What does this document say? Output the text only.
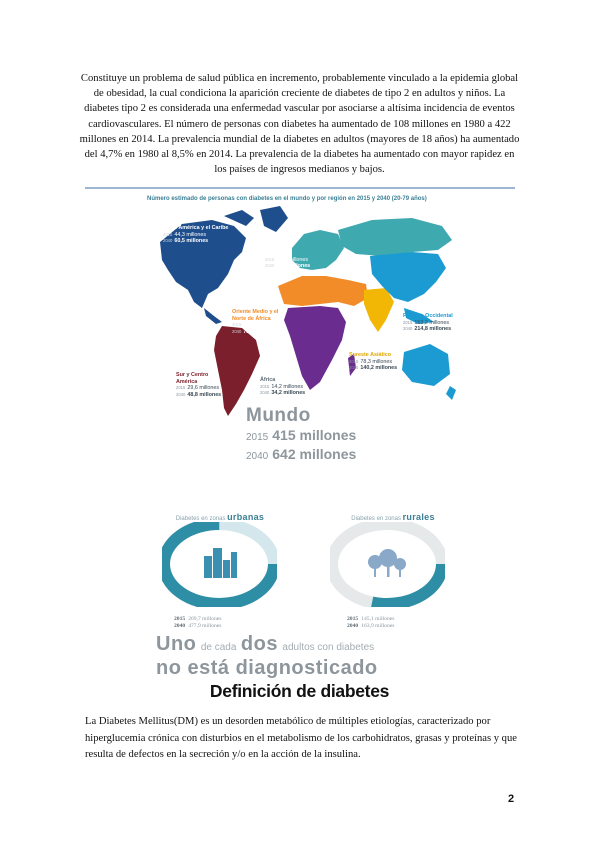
Constituye un problema de salud pública en incremento, probablemente vinculado a la epidemia global de obesidad, la cual condiciona la aparición creciente de diabetes de tipo 2 en adultos y niños. La diabetes tipo 2 es considerada una enfermedad vascular por asociarse a altísima incidencia de eventos cardiovasculares. El número de personas con diabetes ha aumentado de 108 millones en 1980 a 422 millones en 2014. La prevalencia mundial de la diabetes en adultos (mayores de 18 años) ha aumentado del 4,7% en 1980 al 8,5% en 2014. La prevalencia de la diabetes ha aumentado con mayor rapidez en los países de ingresos medianos y bajos.
Número estimado de personas con diabetes en el mundo y por región en 2015 y 2040 (20-79 años)
Norte América y el Caribe
2015 44,3 millones
2040 60,5 millones
Europa
2015 59,8 millones
2040 71,1 millones
Oriente Medio y el Norte de África
2015 35,4 millones
2040 72,1 millones
Pacífico Occidental
2015 153,2 millones
2040 214,8 millones
Sureste Asiático
2015 78,3 millones
2040 140,2 millones
África
2015 14,2 millones
2040 34,2 millones
Sur y Centro América
2015 29,6 millones
2040 48,8 millones
Mundo
2015 415 millones
2040 642 millones
Diabetes en zonas urbanas
2015 269,7 millones
2040 477,9 millones
Diabetes en zonas rurales
2015 145,1 millones
2040 163,9 millones
Uno de cada dos adultos con diabetes
no está diagnosticado
Definición de diabetes
La Diabetes Mellitus(DM) es un desorden metabólico de múltiples etiologías, caracterizado por hiperglucemia crónica con disturbios en el metabolismo de los carbohidratos, grasas y proteínas y que resulta de defectos en la secreción y/o en la acción de la insulina.
2
